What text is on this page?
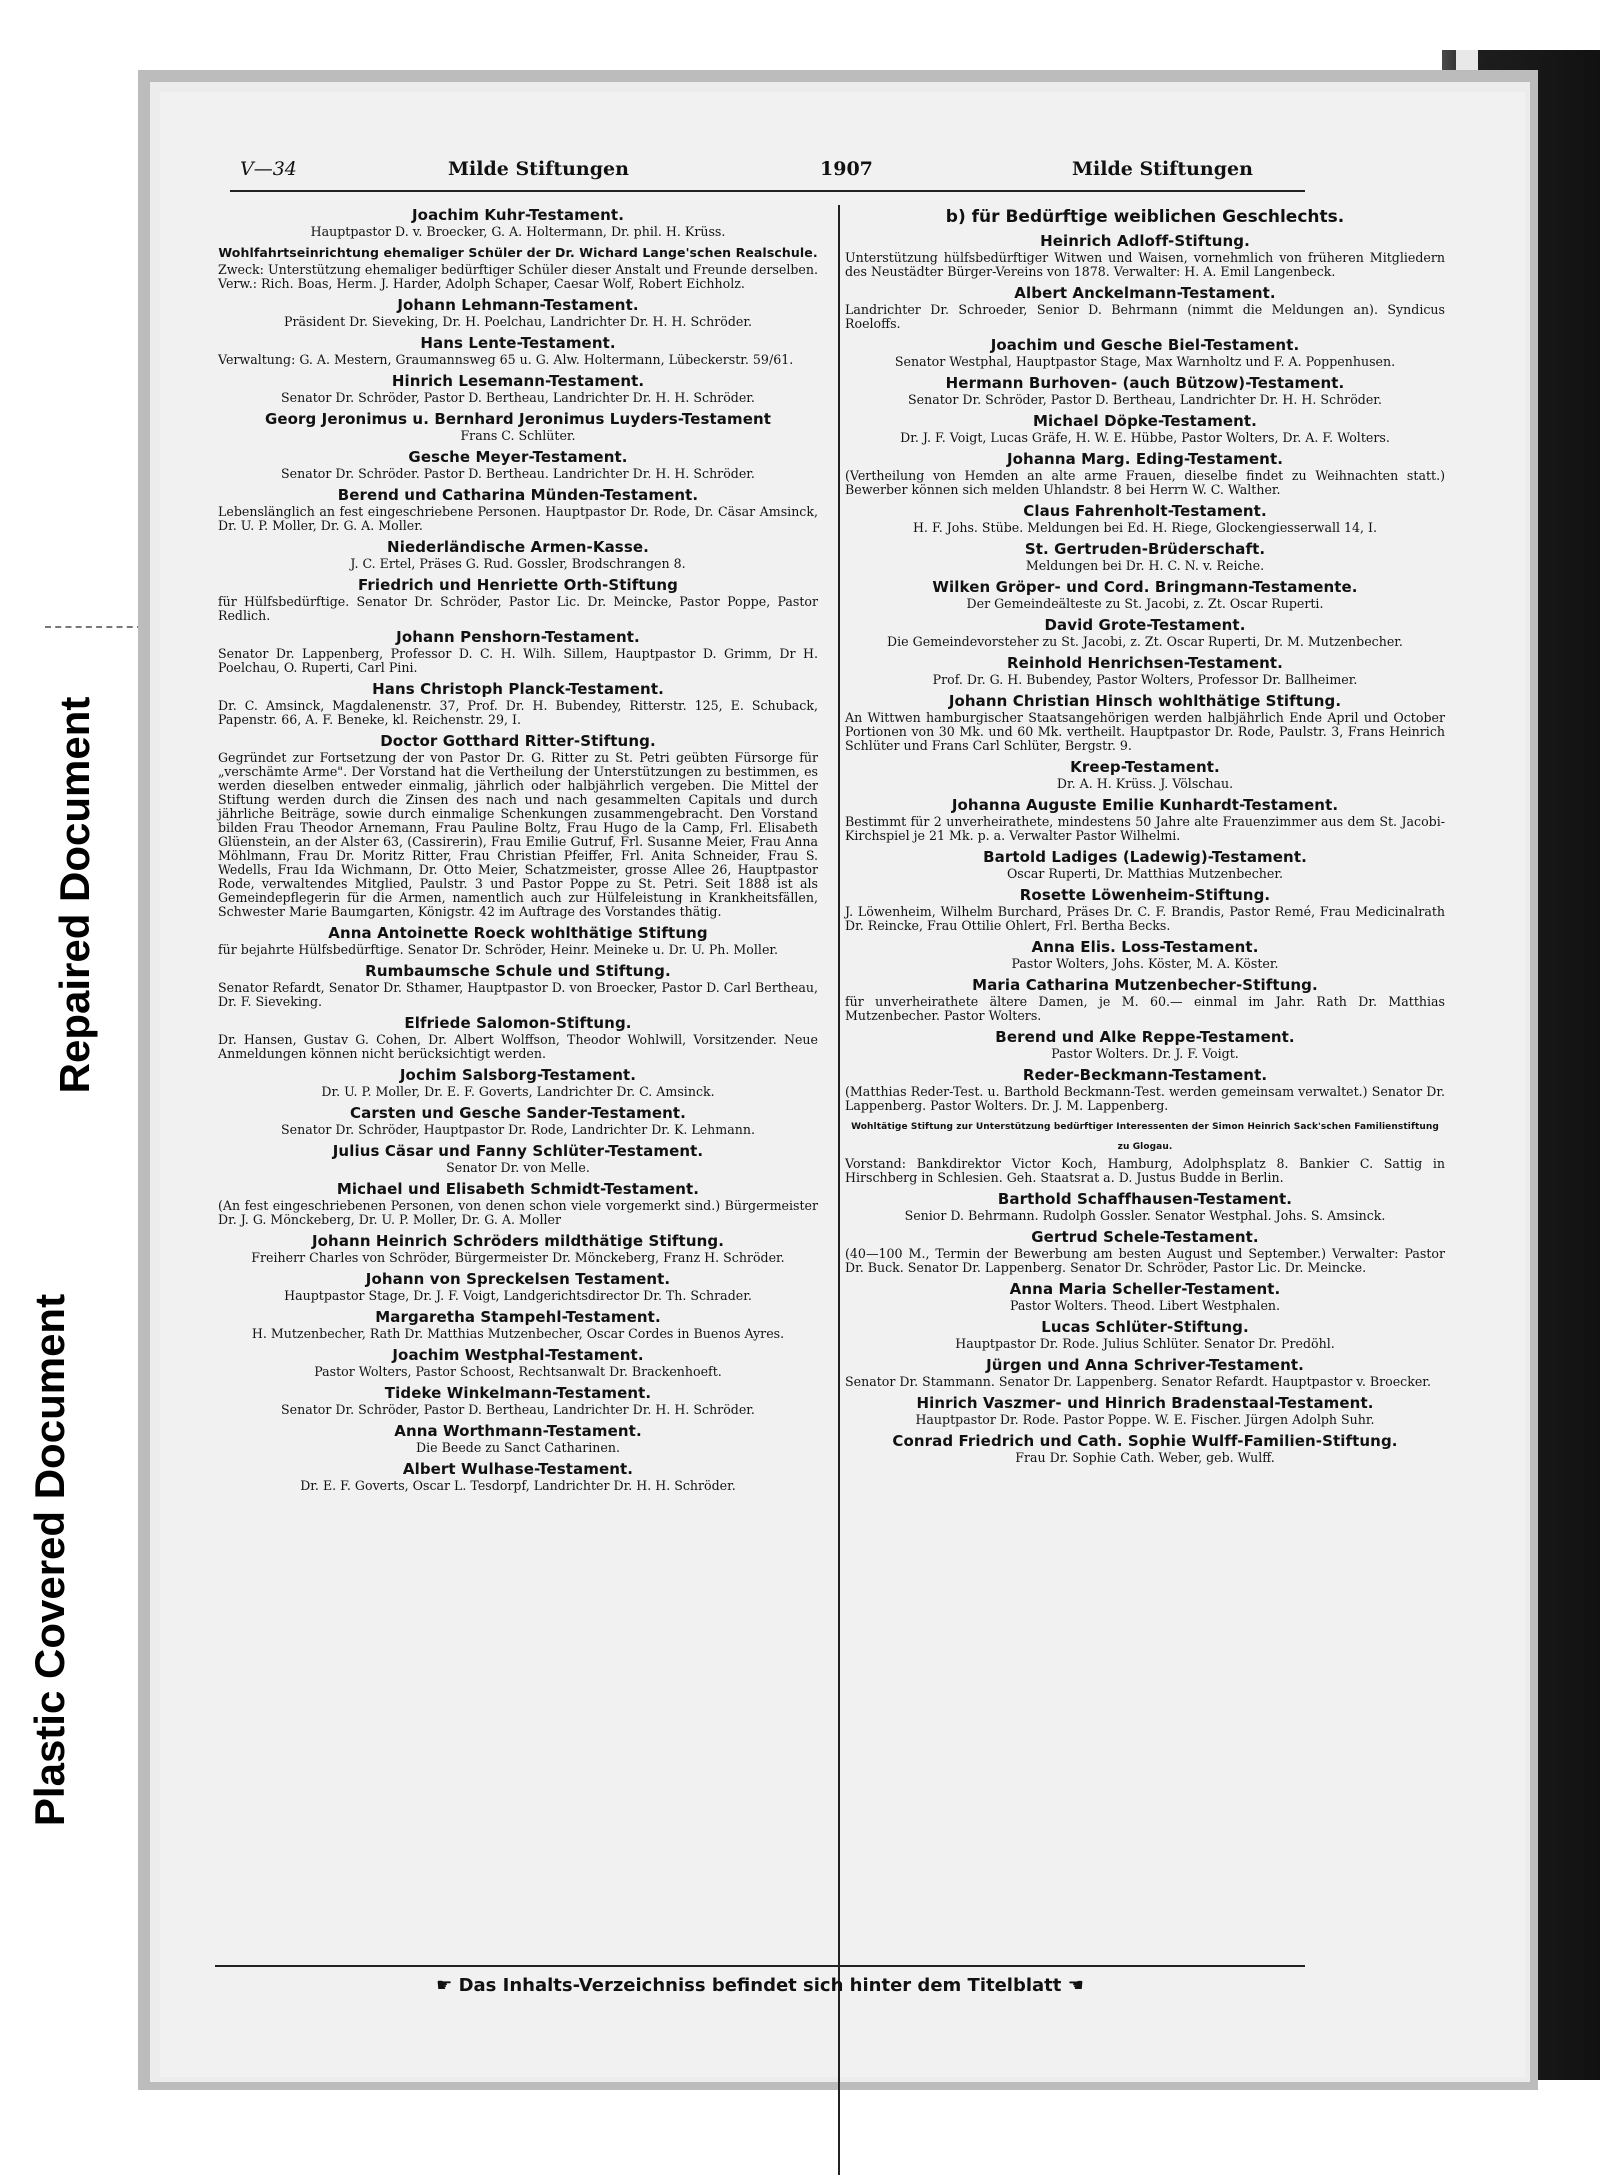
Repaired Document
Plastic Covered Document
V—34	Milde Stiftungen	1907	Milde Stiftungen
Joachim Kuhr-Testament.
Hauptpastor D. v. Broecker, G. A. Holtermann, Dr. phil. H. Krüss.
Wohlfahrtseinrichtung ehemaliger Schüler der Dr. Wichard Lange'schen Realschule.
Zweck: Unterstützung ehemaliger bedürftiger Schüler dieser Anstalt und Freunde derselben. Verw.: Rich. Boas, Herm. J. Harder, Adolph Schaper, Caesar Wolf, Robert Eichholz.
Johann Lehmann-Testament.
Präsident Dr. Sieveking, Dr. H. Poelchau, Landrichter Dr. H. H. Schröder.
Hans Lente-Testament.
Verwaltung: G. A. Mestern, Graumannsweg 65 u. G. Alw. Holtermann, Lübeckerstr. 59/61.
Hinrich Lesemann-Testament.
Senator Dr. Schröder, Pastor D. Bertheau, Landrichter Dr. H. H. Schröder.
Georg Jeronimus u. Bernhard Jeronimus Luyders-Testament
Frans C. Schlüter.
Gesche Meyer-Testament.
Senator Dr. Schröder. Pastor D. Bertheau. Landrichter Dr. H. H. Schröder.
Berend und Catharina Münden-Testament.
Lebenslänglich an fest eingeschriebene Personen. Hauptpastor Dr. Rode, Dr. Cäsar Amsinck, Dr. U. P. Moller, Dr. G. A. Moller.
Niederländische Armen-Kasse.
J. C. Ertel, Präses G. Rud. Gossler, Brodschrangen 8.
Friedrich und Henriette Orth-Stiftung
für Hülfsbedürftige. Senator Dr. Schröder, Pastor Lic. Dr. Meincke, Pastor Poppe, Pastor Redlich.
Johann Penshorn-Testament.
Senator Dr. Lappenberg, Professor D. C. H. Wilh. Sillem, Hauptpastor D. Grimm, Dr H. Poelchau, O. Ruperti, Carl Pini.
Hans Christoph Planck-Testament.
Dr. C. Amsinck, Magdalenenstr. 37, Prof. Dr. H. Bubendey, Ritterstr. 125, E. Schuback, Papenstr. 66, A. F. Beneke, kl. Reichenstr. 29, I.
Doctor Gotthard Ritter-Stiftung.
Gegründet zur Fortsetzung der von Pastor Dr. G. Ritter zu St. Petri geübten Fürsorge für „verschämte Arme". Der Vorstand hat die Vertheilung der Unterstützungen zu bestimmen, es werden dieselben entweder einmalig, jährlich oder halbjährlich vergeben. Die Mittel der Stiftung werden durch die Zinsen des nach und nach gesammelten Capitals und durch jährliche Beiträge, sowie durch einmalige Schenkungen zusammengebracht. Den Vorstand bilden Frau Theodor Arnemann, Frau Pauline Boltz, Frau Hugo de la Camp, Frl. Elisabeth Glüenstein, an der Alster 63, (Cassirerin), Frau Emilie Gutruf, Frl. Susanne Meier, Frau Anna Möhlmann, Frau Dr. Moritz Ritter, Frau Christian Pfeiffer, Frl. Anita Schneider, Frau S. Wedells, Frau Ida Wichmann, Dr. Otto Meier, Schatzmeister, grosse Allee 26, Hauptpastor Rode, verwaltendes Mitglied, Paulstr. 3 und Pastor Poppe zu St. Petri. Seit 1888 ist als Gemeindepflegerin für die Armen, namentlich auch zur Hülfeleistung in Krankheitsfällen, Schwester Marie Baumgarten, Königstr. 42 im Auftrage des Vorstandes thätig.
Anna Antoinette Roeck wohlthätige Stiftung
für bejahrte Hülfsbedürftige. Senator Dr. Schröder, Heinr. Meineke u. Dr. U. Ph. Moller.
Rumbaumsche Schule und Stiftung.
Senator Refardt, Senator Dr. Sthamer, Hauptpastor D. von Broecker, Pastor D. Carl Bertheau, Dr. F. Sieveking.
Elfriede Salomon-Stiftung.
Dr. Hansen, Gustav G. Cohen, Dr. Albert Wolffson, Theodor Wohlwill, Vorsitzender. Neue Anmeldungen können nicht berücksichtigt werden.
Jochim Salsborg-Testament.
Dr. U. P. Moller, Dr. E. F. Goverts, Landrichter Dr. C. Amsinck.
Carsten und Gesche Sander-Testament.
Senator Dr. Schröder, Hauptpastor Dr. Rode, Landrichter Dr. K. Lehmann.
Julius Cäsar und Fanny Schlüter-Testament.
Senator Dr. von Melle.
Michael und Elisabeth Schmidt-Testament.
(An fest eingeschriebenen Personen, von denen schon viele vorgemerkt sind.) Bürgermeister Dr. J. G. Mönckeberg, Dr. U. P. Moller, Dr. G. A. Moller
Johann Heinrich Schröders mildthätige Stiftung.
Freiherr Charles von Schröder, Bürgermeister Dr. Mönckeberg, Franz H. Schröder.
Johann von Spreckelsen Testament.
Hauptpastor Stage, Dr. J. F. Voigt, Landgerichtsdirector Dr. Th. Schrader.
Margaretha Stampehl-Testament.
H. Mutzenbecher, Rath Dr. Matthias Mutzenbecher, Oscar Cordes in Buenos Ayres.
Joachim Westphal-Testament.
Pastor Wolters, Pastor Schoost, Rechtsanwalt Dr. Brackenhoeft.
Tideke Winkelmann-Testament.
Senator Dr. Schröder, Pastor D. Bertheau, Landrichter Dr. H. H. Schröder.
Anna Worthmann-Testament.
Die Beede zu Sanct Catharinen.
Albert Wulhase-Testament.
Dr. E. F. Goverts, Oscar L. Tesdorpf, Landrichter Dr. H. H. Schröder.
b) für Bedürftige weiblichen Geschlechts.
Heinrich Adloff-Stiftung.
Unterstützung hülfsbedürftiger Witwen und Waisen, vornehmlich von früheren Mitgliedern des Neustädter Bürger-Vereins von 1878. Verwalter: H. A. Emil Langenbeck.
Albert Anckelmann-Testament.
Landrichter Dr. Schroeder, Senior D. Behrmann (nimmt die Meldungen an). Syndicus Roeloffs.
Joachim und Gesche Biel-Testament.
Senator Westphal, Hauptpastor Stage, Max Warnholtz und F. A. Poppenhusen.
Hermann Burhoven- (auch Bützow)-Testament.
Senator Dr. Schröder, Pastor D. Bertheau, Landrichter Dr. H. H. Schröder.
Michael Döpke-Testament.
Dr. J. F. Voigt, Lucas Gräfe, H. W. E. Hübbe, Pastor Wolters, Dr. A. F. Wolters.
Johanna Marg. Eding-Testament.
(Vertheilung von Hemden an alte arme Frauen, dieselbe findet zu Weihnachten statt.) Bewerber können sich melden Uhlandstr. 8 bei Herrn W. C. Walther.
Claus Fahrenholt-Testament.
H. F. Johs. Stübe. Meldungen bei Ed. H. Riege, Glockengiesserwall 14, I.
St. Gertruden-Brüderschaft.
Meldungen bei Dr. H. C. N. v. Reiche.
Wilken Gröper- und Cord. Bringmann-Testamente.
Der Gemeindeälteste zu St. Jacobi, z. Zt. Oscar Ruperti.
David Grote-Testament.
Die Gemeindevorsteher zu St. Jacobi, z. Zt. Oscar Ruperti, Dr. M. Mutzenbecher.
Reinhold Henrichsen-Testament.
Prof. Dr. G. H. Bubendey, Pastor Wolters, Professor Dr. Ballheimer.
Johann Christian Hinsch wohlthätige Stiftung.
An Wittwen hamburgischer Staatsangehörigen werden halbjährlich Ende April und October Portionen von 30 Mk. und 60 Mk. vertheilt. Hauptpastor Dr. Rode, Paulstr. 3, Frans Heinrich Schlüter und Frans Carl Schlüter, Bergstr. 9.
Kreep-Testament.
Dr. A. H. Krüss. J. Völschau.
Johanna Auguste Emilie Kunhardt-Testament.
Bestimmt für 2 unverheirathete, mindestens 50 Jahre alte Frauenzimmer aus dem St. Jacobi-Kirchspiel je 21 Mk. p. a. Verwalter Pastor Wilhelmi.
Bartold Ladiges (Ladewig)-Testament.
Oscar Ruperti, Dr. Matthias Mutzenbecher.
Rosette Löwenheim-Stiftung.
J. Löwenheim, Wilhelm Burchard, Präses Dr. C. F. Brandis, Pastor Remé, Frau Medicinalrath Dr. Reincke, Frau Ottilie Ohlert, Frl. Bertha Becks.
Anna Elis. Loss-Testament.
Pastor Wolters, Johs. Köster, M. A. Köster.
Maria Catharina Mutzenbecher-Stiftung.
für unverheirathete ältere Damen, je M. 60.— einmal im Jahr. Rath Dr. Matthias Mutzenbecher. Pastor Wolters.
Berend und Alke Reppe-Testament.
Pastor Wolters. Dr. J. F. Voigt.
Reder-Beckmann-Testament.
(Matthias Reder-Test. u. Barthold Beckmann-Test. werden gemeinsam verwaltet.) Senator Dr. Lappenberg. Pastor Wolters. Dr. J. M. Lappenberg.
Wohltätige Stiftung zur Unterstützung bedürftiger Interessenten der Simon Heinrich Sack'schen Familienstiftung zu Glogau.
Vorstand: Bankdirektor Victor Koch, Hamburg, Adolphsplatz 8. Bankier C. Sattig in Hirschberg in Schlesien. Geh. Staatsrat a. D. Justus Budde in Berlin.
Barthold Schaffhausen-Testament.
Senior D. Behrmann. Rudolph Gossler. Senator Westphal. Johs. S. Amsinck.
Gertrud Schele-Testament.
(40—100 M., Termin der Bewerbung am besten August und September.) Verwalter: Pastor Dr. Buck. Senator Dr. Lappenberg. Senator Dr. Schröder, Pastor Lic. Dr. Meincke.
Anna Maria Scheller-Testament.
Pastor Wolters. Theod. Libert Westphalen.
Lucas Schlüter-Stiftung.
Hauptpastor Dr. Rode. Julius Schlüter. Senator Dr. Predöhl.
Jürgen und Anna Schriver-Testament.
Senator Dr. Stammann. Senator Dr. Lappenberg. Senator Refardt. Hauptpastor v. Broecker.
Hinrich Vaszmer- und Hinrich Bradenstaal-Testament.
Hauptpastor Dr. Rode. Pastor Poppe. W. E. Fischer. Jürgen Adolph Suhr.
Conrad Friedrich und Cath. Sophie Wulff-Familien-Stiftung.
Frau Dr. Sophie Cath. Weber, geb. Wulff.
☛ Das Inhalts-Verzeichniss befindet sich hinter dem Titelblatt ☚
